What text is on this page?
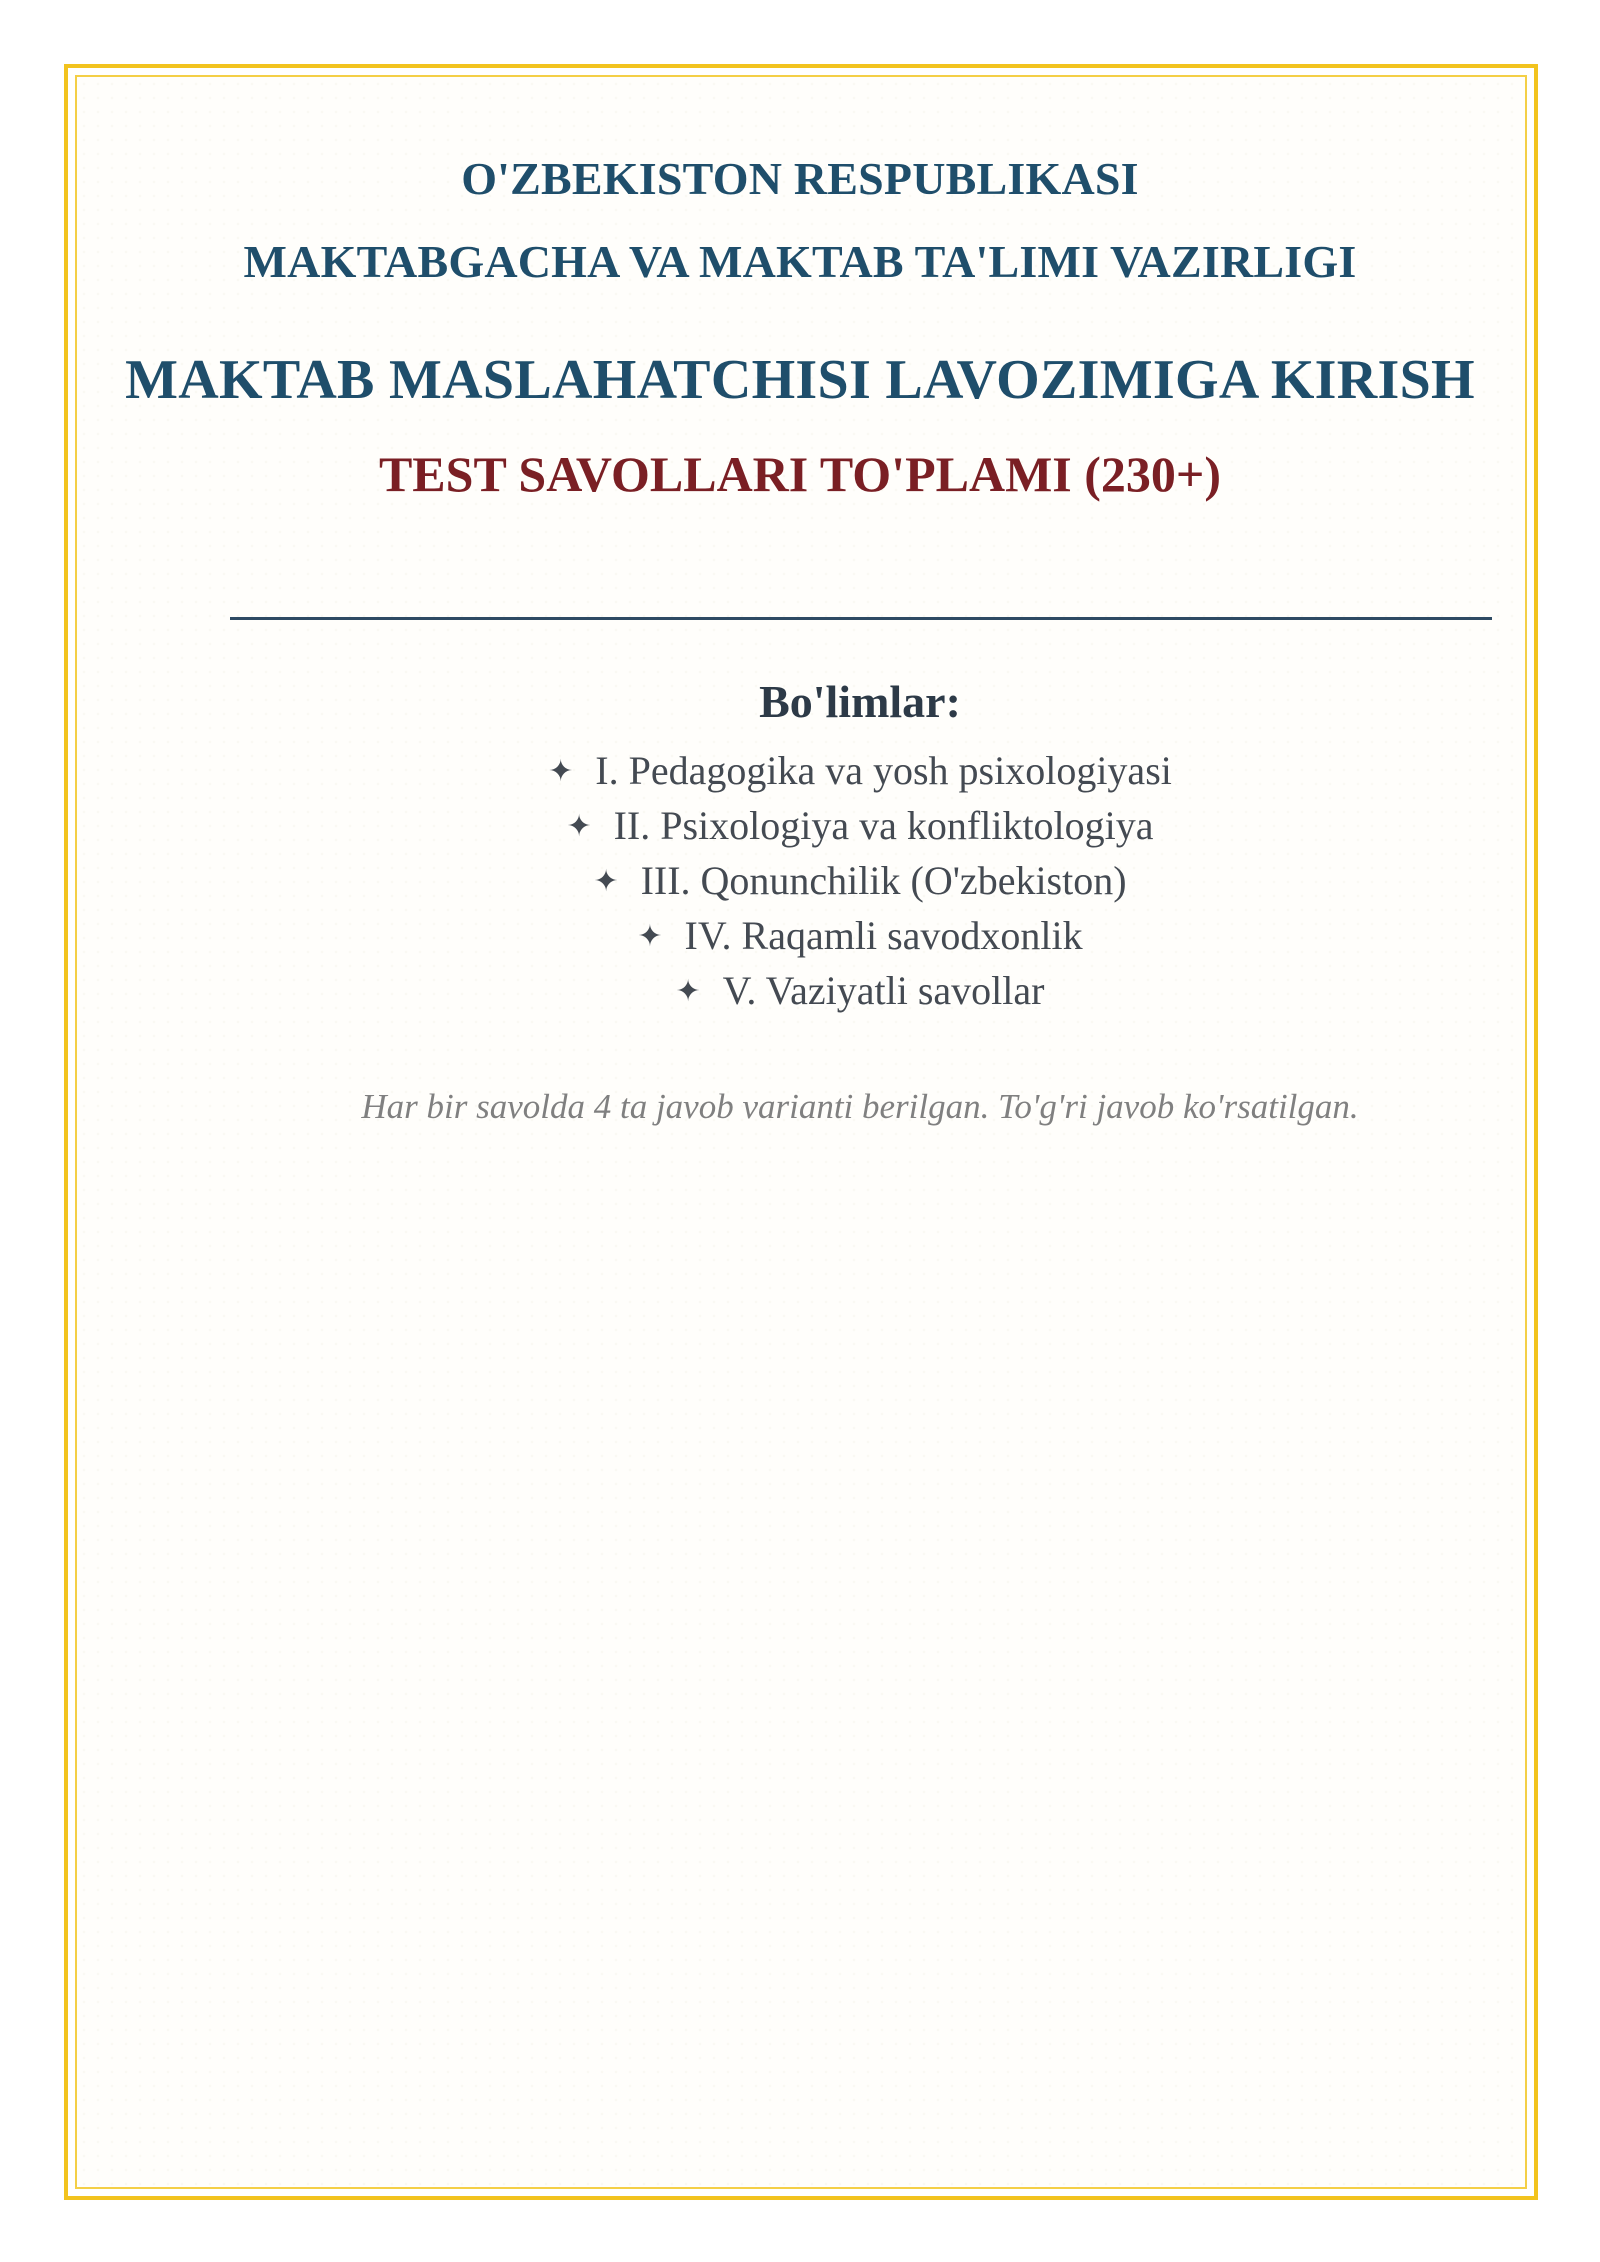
O'ZBEKISTON RESPUBLIKASI

MAKTABGACHA VA MAKTAB TA'LIMI VAZIRLIGI

MAKTAB MASLAHATCHISI LAVOZIMIGA KIRISH
TEST SAVOLLARI TO'PLAMI (230+)
Bo'limlar:
✦ I. Pedagogika va yosh psixologiyasi
✦ II. Psixologiya va konfliktologiya
✦ III. Qonunchilik (O'zbekiston)
✦ IV. Raqamli savodxonlik
✦ V. Vaziyatli savollar

Har bir savolda 4 ta javob varianti berilgan. To'g'ri javob ko'rsatilgan.
